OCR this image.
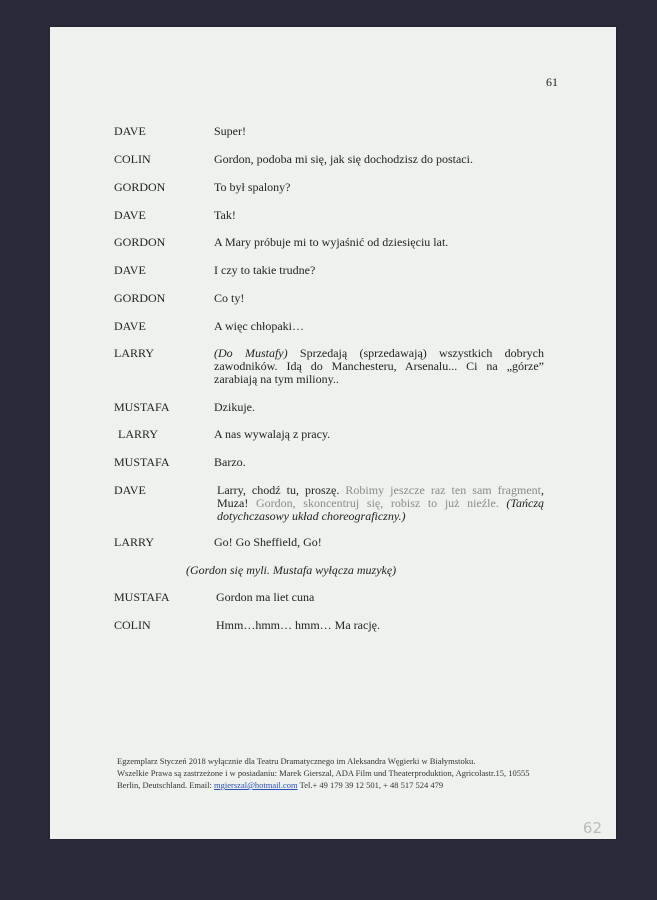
61
DAVE	Super!
COLIN	Gordon, podoba mi się, jak się dochodzisz do postaci.
GORDON	To był spalony?
DAVE	Tak!
GORDON	A Mary próbuje mi to wyjaśnić od dziesięciu lat.
DAVE	I czy to takie trudne?
GORDON	Co ty!
DAVE	A więc chłopaki…
LARRY	(Do Mustafy) Sprzedają (sprzedawają) wszystkich dobrych zawodników. Idą do Manchesteru, Arsenalu... Ci na „górze” zarabiają na tym miliony..
MUSTAFA	Dzikuje.
LARRY	A nas wywalają z pracy.
MUSTAFA	Barzo.
DAVE	Larry, chodź tu, proszę. Robimy jeszcze raz ten sam fragment, Muza! Gordon, skoncentruj się, robisz to już nieźle. (Tańczą dotychczasowy układ choreograficzny.)
LARRY	Go! Go Sheffield, Go!
(Gordon się myli. Mustafa wyłącza muzykę)
MUSTAFA	Gordon ma liet cuna
COLIN	Hmm…hmm… hmm… Ma rację.
Egzemplarz Styczeń 2018 wyłącznie dla Teatru Dramatycznego im Aleksandra Węgierki w Białymstoku.
Wszelkie Prawa są zastrzeżone i w posiadaniu: Marek Gierszal, ADA Film und Theaterproduktion, Agricolastr.15, 10555
Berlin, Deutschland. Email: mgierszal@hotmail.com Tel.+ 49 179 39 12 501, + 48 517 524 479
62
